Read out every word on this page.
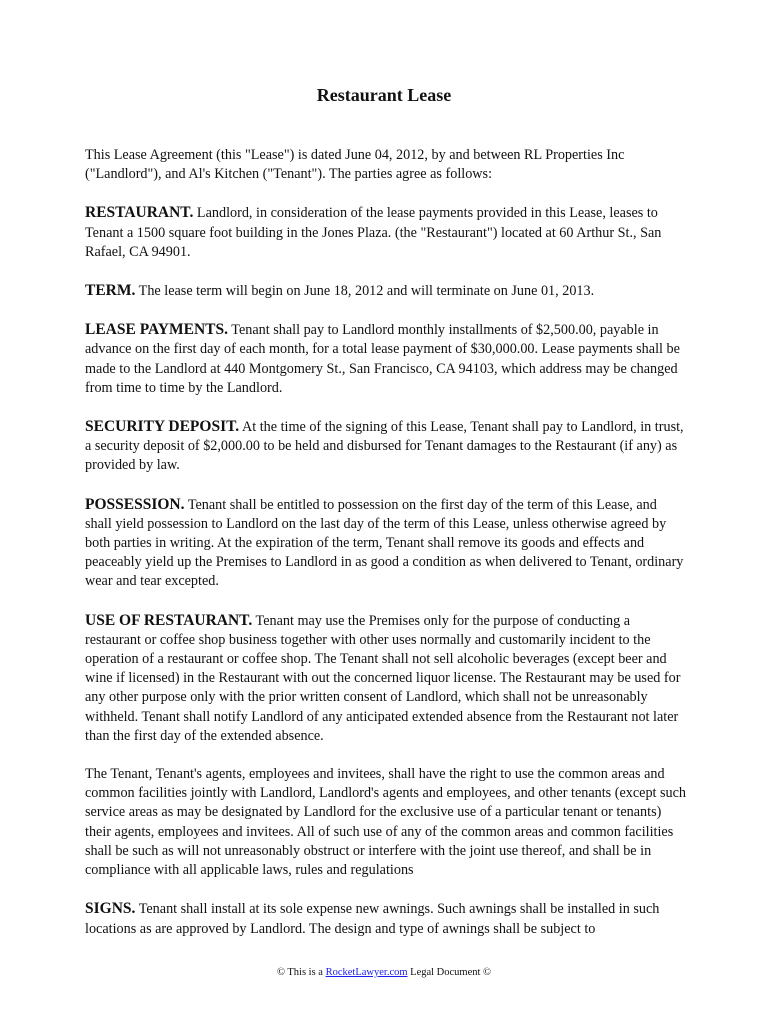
Restaurant Lease

This Lease Agreement (this "Lease") is dated June 04, 2012, by and between RL Properties Inc ("Landlord"), and Al's Kitchen ("Tenant"). The parties agree as follows:

RESTAURANT. Landlord, in consideration of the lease payments provided in this Lease, leases to Tenant a 1500 square foot building in the Jones Plaza. (the "Restaurant") located at 60 Arthur St., San Rafael, CA 94901.

TERM. The lease term will begin on June 18, 2012 and will terminate on June 01, 2013.

LEASE PAYMENTS. Tenant shall pay to Landlord monthly installments of $2,500.00, payable in advance on the first day of each month, for a total lease payment of $30,000.00. Lease payments shall be made to the Landlord at 440 Montgomery St., San Francisco, CA 94103, which address may be changed from time to time by the Landlord.

SECURITY DEPOSIT. At the time of the signing of this Lease, Tenant shall pay to Landlord, in trust, a security deposit of $2,000.00 to be held and disbursed for Tenant damages to the Restaurant (if any) as provided by law.

POSSESSION. Tenant shall be entitled to possession on the first day of the term of this Lease, and shall yield possession to Landlord on the last day of the term of this Lease, unless otherwise agreed by both parties in writing. At the expiration of the term, Tenant shall remove its goods and effects and peaceably yield up the Premises to Landlord in as good a condition as when delivered to Tenant, ordinary wear and tear excepted.

USE OF RESTAURANT. Tenant may use the Premises only for the purpose of conducting a restaurant or coffee shop business together with other uses normally and customarily incident to the operation of a restaurant or coffee shop. The Tenant shall not sell alcoholic beverages (except beer and wine if licensed) in the Restaurant with out the concerned liquor license. The Restaurant may be used for any other purpose only with the prior written consent of Landlord, which shall not be unreasonably withheld. Tenant shall notify Landlord of any anticipated extended absence from the Restaurant not later than the first day of the extended absence.

The Tenant, Tenant's agents, employees and invitees, shall have the right to use the common areas and common facilities jointly with Landlord, Landlord's agents and employees, and other tenants (except such service areas as may be designated by Landlord for the exclusive use of a particular tenant or tenants) their agents, employees and invitees. All of such use of any of the common areas and common facilities shall be such as will not unreasonably obstruct or interfere with the joint use thereof, and shall be in compliance with all applicable laws, rules and regulations

SIGNS. Tenant shall install at its sole expense new awnings. Such awnings shall be installed in such locations as are approved by Landlord. The design and type of awnings shall be subject to

© This is a RocketLawyer.com Legal Document ©
